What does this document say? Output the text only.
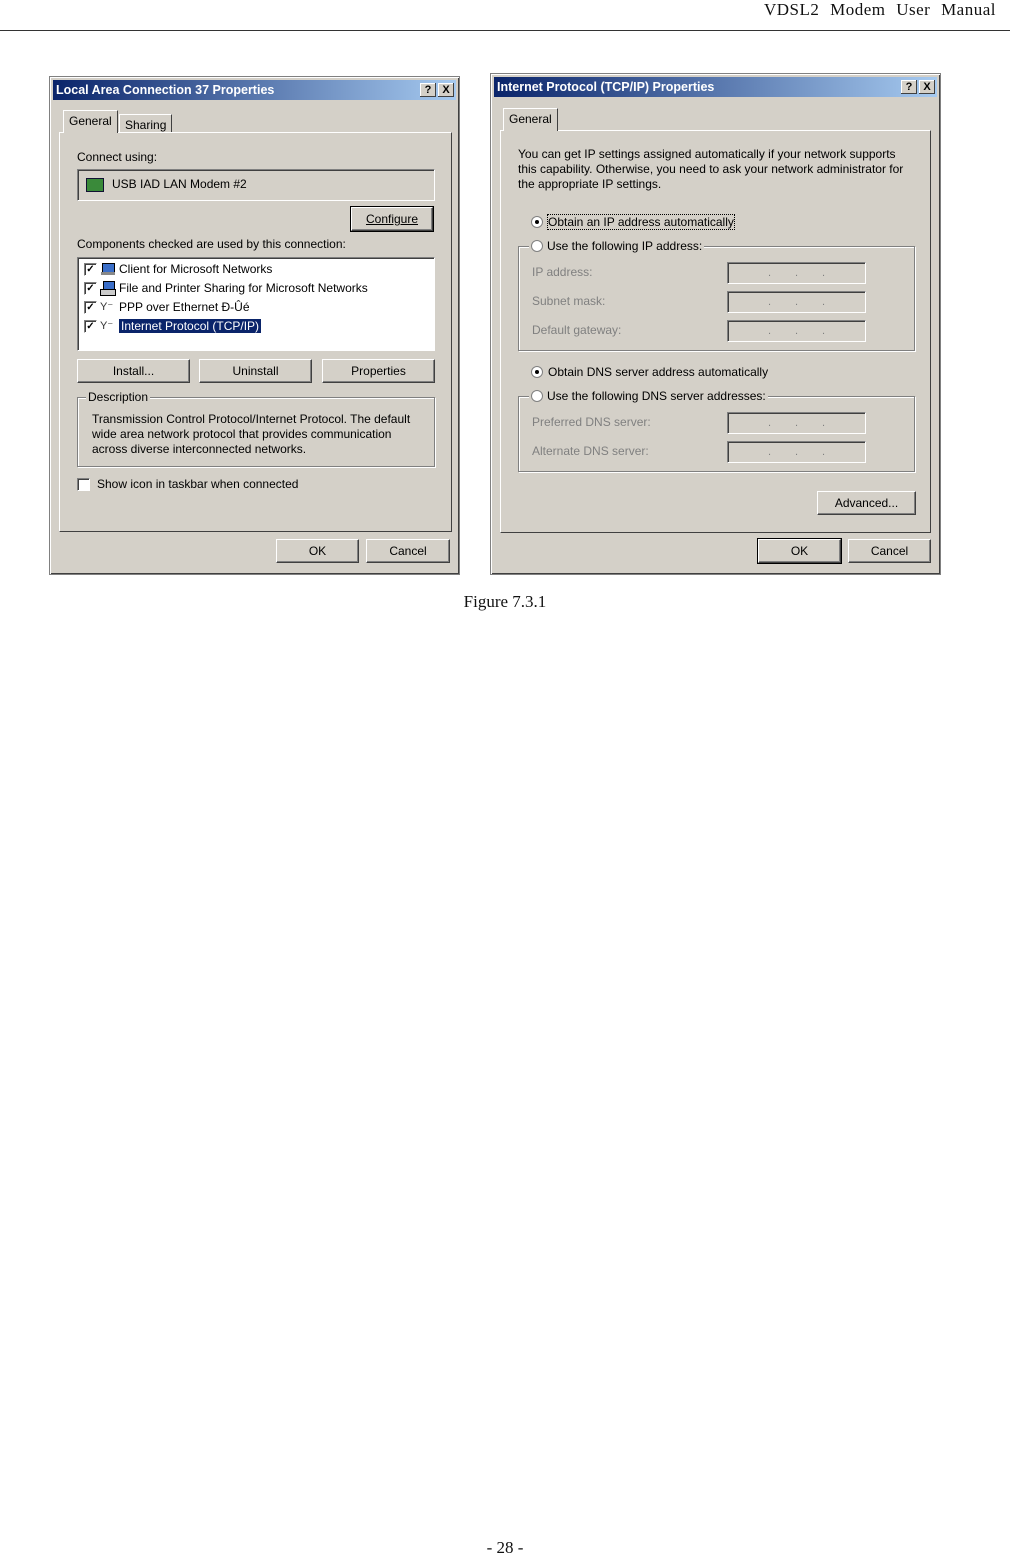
VDSL2 Modem User Manual
Local Area Connection 37 Properties	? X
General	Sharing
Connect using:
USB IAD LAN Modem #2
Configure
Components checked are used by this connection:
✓ Client for Microsoft Networks
✓ File and Printer Sharing for Microsoft Networks
✓ Y⁻ PPP over Ethernet Ð-Ûé
✓ Y⁻ Internet Protocol (TCP/IP)
Install...	Uninstall	Properties
Description
Transmission Control Protocol/Internet Protocol. The default wide area network protocol that provides communication across diverse interconnected networks.
Show icon in taskbar when connected
OK	Cancel
Internet Protocol (TCP/IP) Properties	? X
General
You can get IP settings assigned automatically if your network supports this capability. Otherwise, you need to ask your network administrator for the appropriate IP settings.
Obtain an IP address automatically
Use the following IP address:
IP address:	. . .
Subnet mask:	. . .
Default gateway:	. . .
Obtain DNS server address automatically
Use the following DNS server addresses:
Preferred DNS server:	. . .
Alternate DNS server:	. . .
Advanced...
OK	Cancel
Figure 7.3.1
- 28 -
